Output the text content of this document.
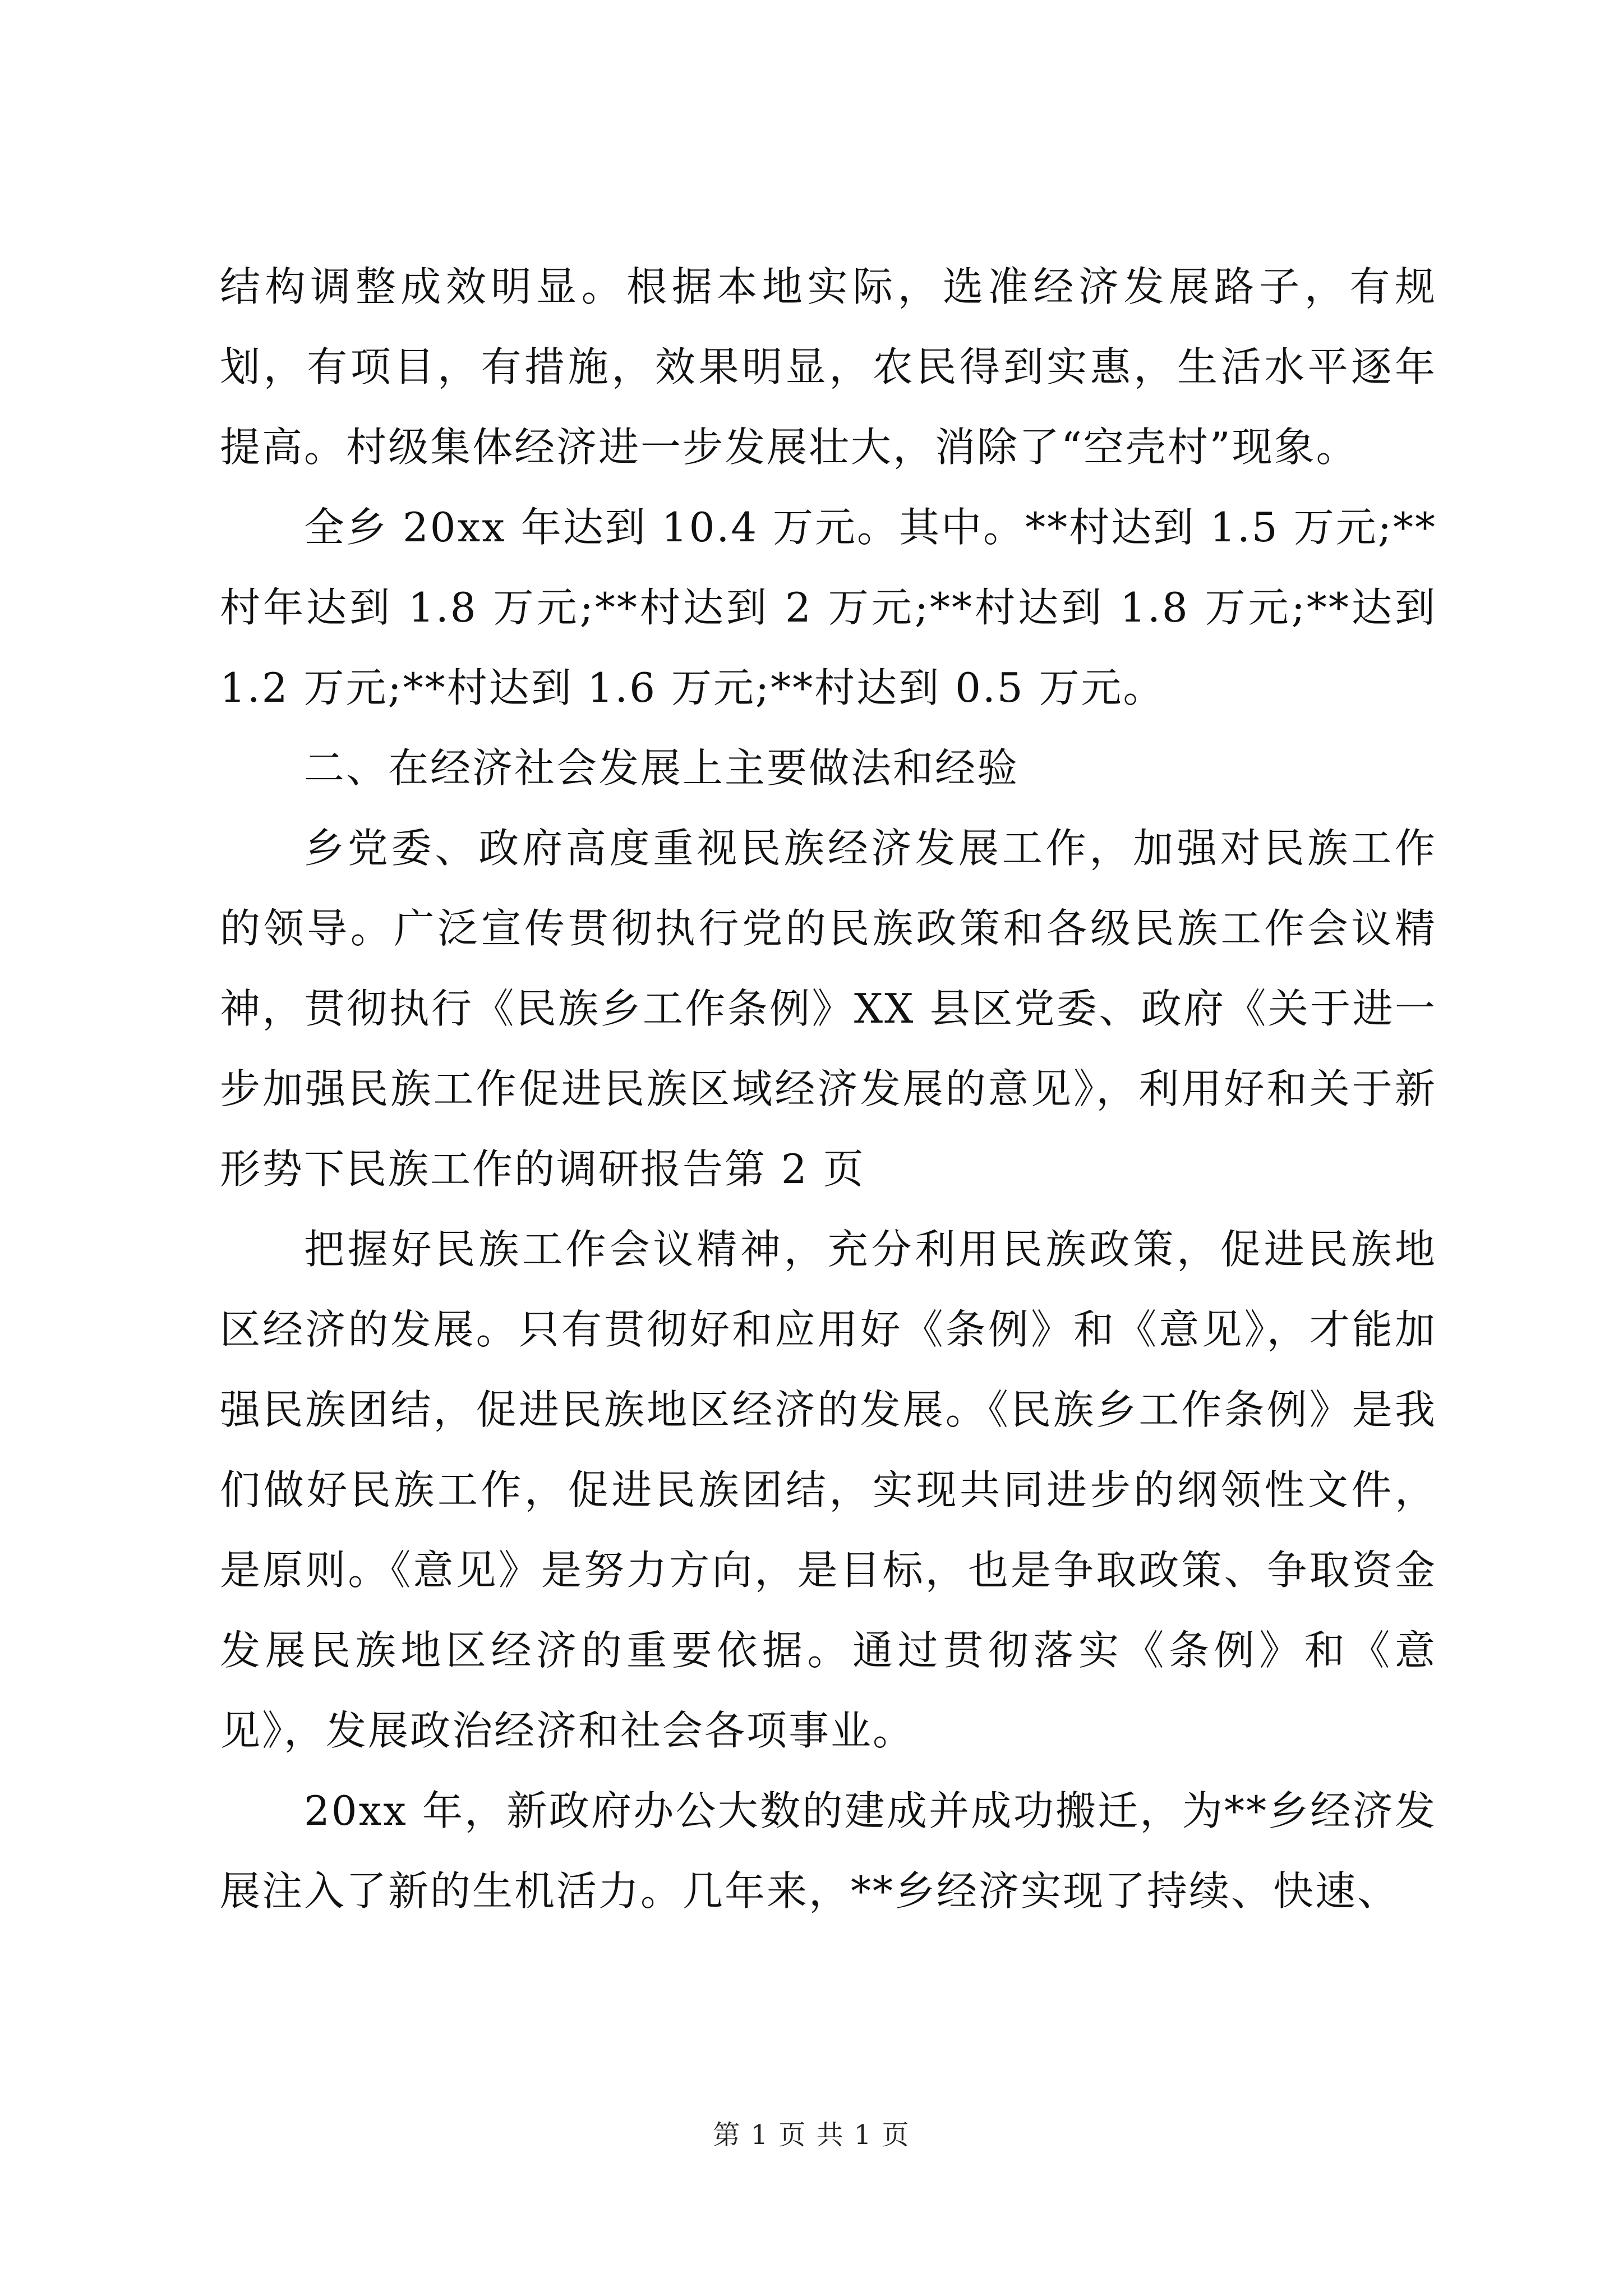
结构调整成效明显。根据本地实际，选准经济发展路子，有规划，有项目，有措施，效果明显，农民得到实惠，生活水平逐年提高。村级集体经济进一步发展壮大，消除了“空壳村”现象。

全乡 20xx 年达到 10.4 万元。其中。**村达到 1.5 万元;**村年达到 1.8 万元;**村达到 2 万元;**村达到 1.8 万元;**达到 1.2 万元;**村达到 1.6 万元;**村达到 0.5 万元。

二、在经济社会发展上主要做法和经验

乡党委、政府高度重视民族经济发展工作，加强对民族工作的领导。广泛宣传贯彻执行党的民族政策和各级民族工作会议精神，贯彻执行《民族乡工作条例》XX 县区党委、政府《关于进一步加强民族工作促进民族区域经济发展的意见》，利用好和关于新形势下民族工作的调研报告第 2 页

把握好民族工作会议精神，充分利用民族政策，促进民族地区经济的发展。只有贯彻好和应用好《条例》和《意见》，才能加强民族团结，促进民族地区经济的发展。《民族乡工作条例》是我们做好民族工作，促进民族团结，实现共同进步的纲领性文件，是原则。《意见》是努力方向，是目标，也是争取政策、争取资金发展民族地区经济的重要依据。通过贯彻落实《条例》和《意见》，发展政治经济和社会各项事业。

20xx 年，新政府办公大数的建成并成功搬迁，为**乡经济发展注入了新的生机活力。几年来，**乡经济实现了持续、快速、

第 1 页 共 1 页
